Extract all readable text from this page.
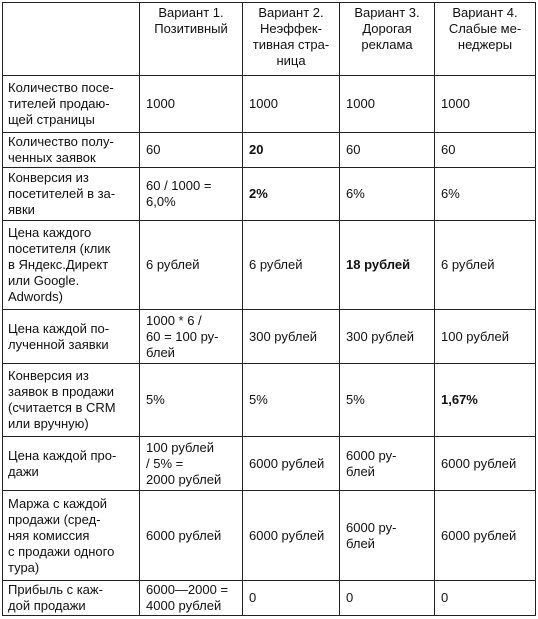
	Вариант 1.
Позитивный	Вариант 2.
Неэффек-
тивная стра-
ница	Вариант 3.
Дорогая
реклама	Вариант 4.
Слабые ме-
неджеры
Количество посе-
тителей продаю-
щей страницы	1000	1000	1000	1000
Количество полу-
ченных заявок	60	20	60	60
Конверсия из
посетителей в за-
явки	60 / 1000 =
6,0%	2%	6%	6%
Цена каждого
посетителя (клик
в Яндекс.Директ
или Google.
Adwords)	6 рублей	6 рублей	18 рублей	6 рублей
Цена каждой по-
лученной заявки	1000 * 6 /
60 = 100 ру-
блей	300 рублей	300 рублей	100 рублей
Конверсия из
заявок в продажи
(считается в CRM
или вручную)	5%	5%	5%	1,67%
Цена каждой про-
дажи	100 рублей
/ 5% =
2000 рублей	6000 рублей	6000 ру-
блей	6000 рублей
Маржа с каждой
продажи (сред-
няя комиссия
с продажи одного
тура)	6000 рублей	6000 рублей	6000 ру-
блей	6000 рублей
Прибыль с каж-
дой продажи	6000—2000 =
4000 рублей	0	0	0
